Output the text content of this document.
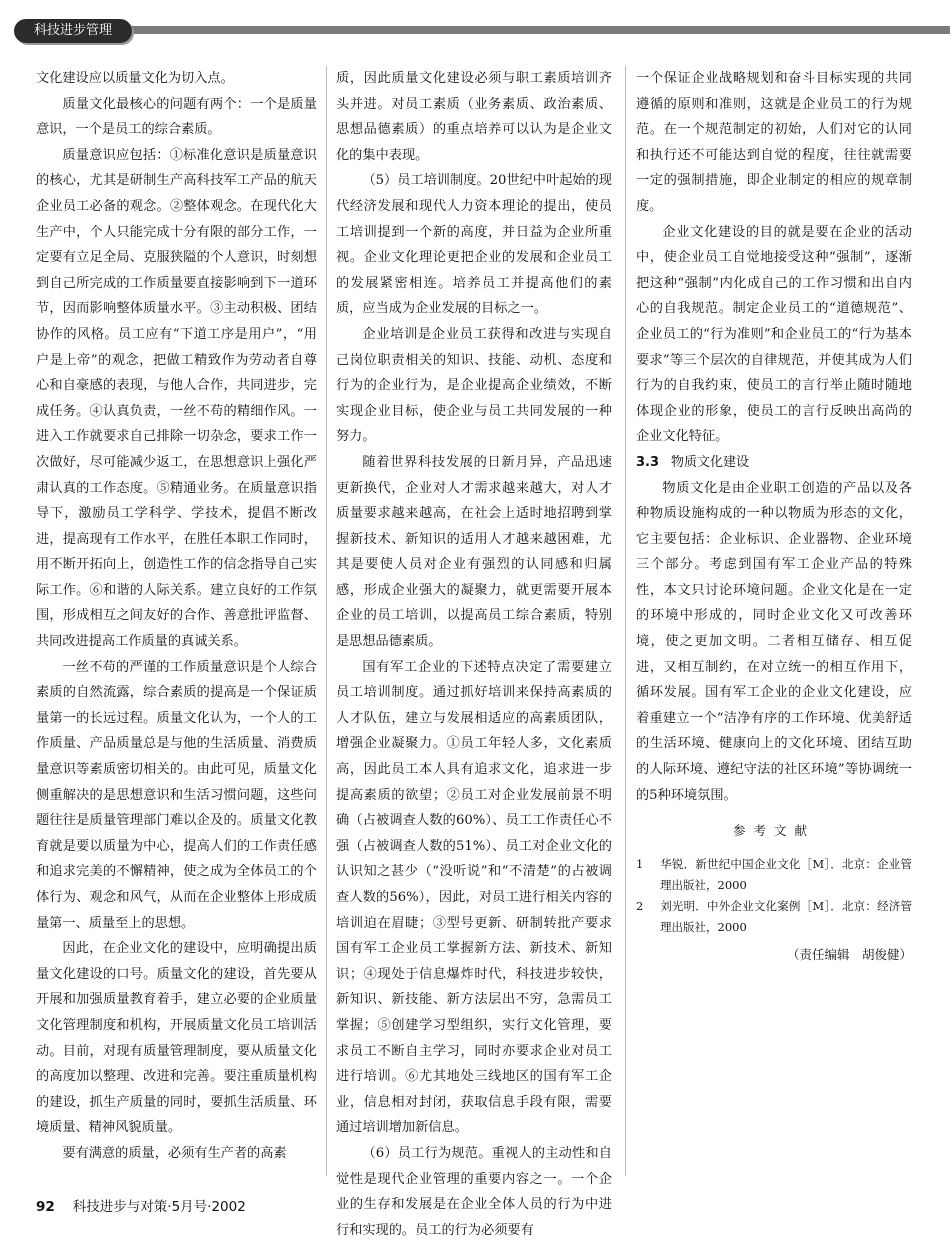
科技进步管理

文化建设应以质量文化为切入点。

质量文化最核心的问题有两个：一个是质量意识，一个是员工的综合素质。

质量意识应包括：①标准化意识是质量意识的核心，尤其是研制生产高科技军工产品的航天企业员工必备的观念。②整体观念。在现代化大生产中，个人只能完成十分有限的部分工作，一定要有立足全局、克服狭隘的个人意识，时刻想到自己所完成的工作质量要直接影响到下一道环节，因而影响整体质量水平。③主动积极、团结协作的风格。员工应有“下道工序是用户”，“用户是上帝”的观念，把做工精致作为劳动者自尊心和自豪感的表现，与他人合作，共同进步，完成任务。④认真负责，一丝不苟的精细作风。一进入工作就要求自己排除一切杂念，要求工作一次做好，尽可能减少返工，在思想意识上强化严肃认真的工作态度。⑤精通业务。在质量意识指导下，激励员工学科学、学技术，提倡不断改进，提高现有工作水平，在胜任本职工作同时，用不断开拓向上，创造性工作的信念指导自己实际工作。⑥和谐的人际关系。建立良好的工作氛围，形成相互之间友好的合作、善意批评监督、共同改进提高工作质量的真诚关系。

一丝不苟的严谨的工作质量意识是个人综合素质的自然流露，综合素质的提高是一个保证质量第一的长远过程。质量文化认为，一个人的工作质量、产品质量总是与他的生活质量、消费质量意识等素质密切相关的。由此可见，质量文化侧重解决的是思想意识和生活习惯问题，这些问题往往是质量管理部门难以企及的。质量文化教育就是要以质量为中心，提高人们的工作责任感和追求完美的不懈精神，使之成为全体员工的个体行为、观念和风气，从而在企业整体上形成质量第一、质量至上的思想。

因此，在企业文化的建设中，应明确提出质量文化建设的口号。质量文化的建设，首先要从开展和加强质量教育着手，建立必要的企业质量文化管理制度和机构，开展质量文化员工培训活动。目前，对现有质量管理制度，要从质量文化的高度加以整理、改进和完善。要注重质量机构的建设，抓生产质量的同时，要抓生活质量、环境质量、精神风貌质量。

要有满意的质量，必须有生产者的高素

质，因此质量文化建设必须与职工素质培训齐头并进。对员工素质（业务素质、政治素质、思想品德素质）的重点培养可以认为是企业文化的集中表现。

（5）员工培训制度。20世纪中叶起始的现代经济发展和现代人力资本理论的提出，使员工培训提到一个新的高度，并日益为企业所重视。企业文化理论更把企业的发展和企业员工的发展紧密相连。培养员工并提高他们的素质，应当成为企业发展的目标之一。

企业培训是企业员工获得和改进与实现自己岗位职责相关的知识、技能、动机、态度和行为的企业行为，是企业提高企业绩效，不断实现企业目标，使企业与员工共同发展的一种努力。

随着世界科技发展的日新月异，产品迅速更新换代，企业对人才需求越来越大，对人才质量要求越来越高，在社会上适时地招聘到掌握新技术、新知识的适用人才越来越困难，尤其是要使人员对企业有强烈的认同感和归属感，形成企业强大的凝聚力，就更需要开展本企业的员工培训，以提高员工综合素质，特别是思想品德素质。

国有军工企业的下述特点决定了需要建立员工培训制度。通过抓好培训来保持高素质的人才队伍，建立与发展相适应的高素质团队，增强企业凝聚力。①员工年轻人多，文化素质高，因此员工本人具有追求文化，追求进一步提高素质的欲望；②员工对企业发展前景不明确（占被调查人数的60%）、员工工作责任心不强（占被调查人数的51%）、员工对企业文化的认识知之甚少（“没听说”和“不清楚”的占被调查人数的56%），因此，对员工进行相关内容的培训迫在眉睫；③型号更新、研制转批产要求国有军工企业员工掌握新方法、新技术、新知识；④现处于信息爆炸时代，科技进步较快，新知识、新技能、新方法层出不穷，急需员工掌握；⑤创建学习型组织，实行文化管理，要求员工不断自主学习，同时亦要求企业对员工进行培训。⑥尤其地处三线地区的国有军工企业，信息相对封闭，获取信息手段有限，需要通过培训增加新信息。

（6）员工行为规范。重视人的主动性和自觉性是现代企业管理的重要内容之一。一个企业的生存和发展是在企业全体人员的行为中进行和实现的。员工的行为必须要有

一个保证企业战略规划和奋斗目标实现的共同遵循的原则和准则，这就是企业员工的行为规范。在一个规范制定的初始，人们对它的认同和执行还不可能达到自觉的程度，往往就需要一定的强制措施，即企业制定的相应的规章制度。

企业文化建设的目的就是要在企业的活动中，使企业员工自觉地接受这种“强制”，逐渐把这种“强制”内化成自己的工作习惯和出自内心的自我规范。制定企业员工的“道德规范”、企业员工的“行为准则”和企业员工的“行为基本要求”等三个层次的自律规范，并使其成为人们行为的自我约束，使员工的言行举止随时随地体现企业的形象，使员工的言行反映出高尚的企业文化特征。

3.3 物质文化建设

物质文化是由企业职工创造的产品以及各种物质设施构成的一种以物质为形态的文化，它主要包括：企业标识、企业器物、企业环境三个部分。考虑到国有军工企业产品的特殊性，本文只讨论环境问题。企业文化是在一定的环境中形成的，同时企业文化又可改善环境，使之更加文明。二者相互储存、相互促进，又相互制约，在对立统一的相互作用下，循环发展。国有军工企业的企业文化建设，应着重建立一个“洁净有序的工作环境、优美舒适的生活环境、健康向上的文化环境、团结互助的人际环境、遵纪守法的社区环境”等协调统一的5种环境氛围。

参考文献

1 华锐．新世纪中国企业文化［M］．北京：企业管理出版社，2000

2 刘光明．中外企业文化案例［M］．北京：经济管理出版社，2000

（责任编辑　胡俊健）

92 科技进步与对策·5月号·2002
